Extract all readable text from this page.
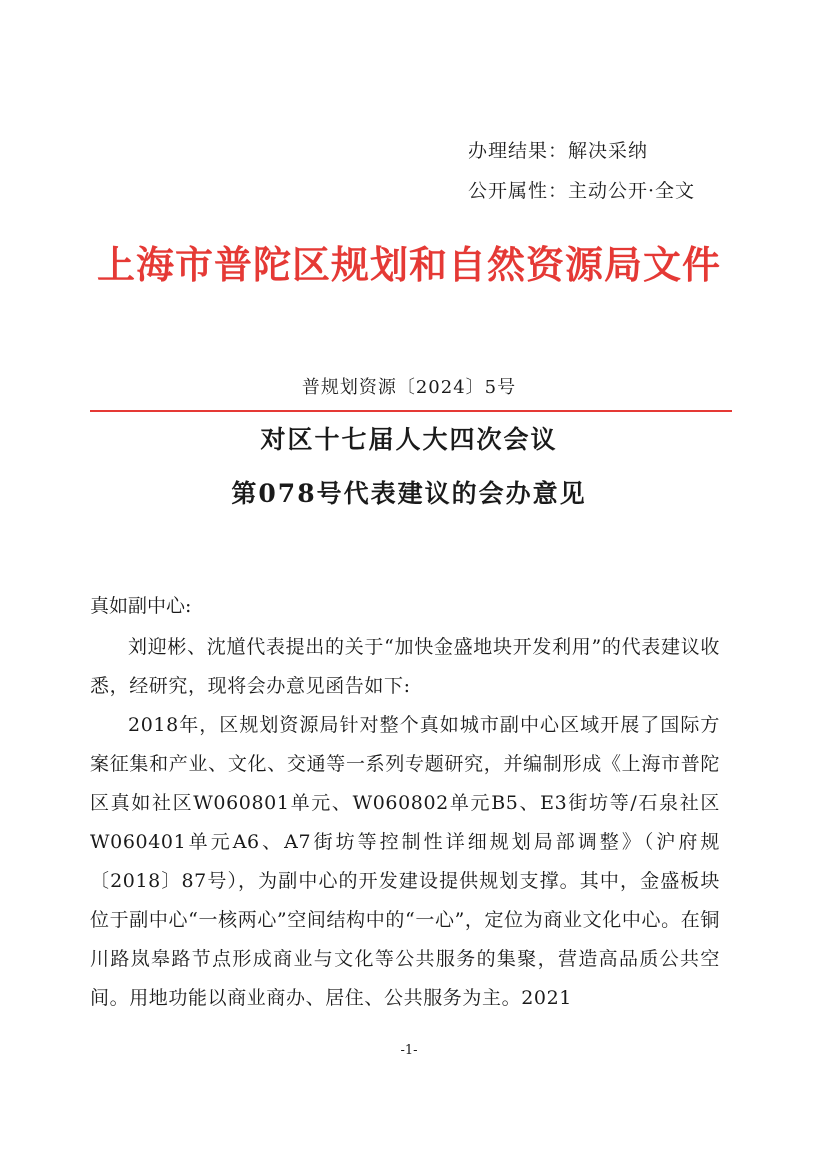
办理结果：解决采纳
公开属性：主动公开·全文
上海市普陀区规划和自然资源局文件
普规划资源〔2024〕5号
对区十七届人大四次会议
第078号代表建议的会办意见
真如副中心:
刘迎彬、沈馗代表提出的关于“加快金盛地块开发利用”的代表建议收悉，经研究，现将会办意见函告如下:
2018年，区规划资源局针对整个真如城市副中心区域开展了国际方案征集和产业、文化、交通等一系列专题研究，并编制形成《上海市普陀区真如社区W060801单元、W060802单元B5、E3街坊等/石泉社区W060401单元A6、A7街坊等控制性详细规划局部调整》（沪府规〔2018〕87号），为副中心的开发建设提供规划支撑。其中，金盛板块位于副中心“一核两心”空间结构中的“一心”，定位为商业文化中心。在铜川路岚皋路节点形成商业与文化等公共服务的集聚，营造高品质公共空间。用地功能以商业商办、居住、公共服务为主。2021
-1-
